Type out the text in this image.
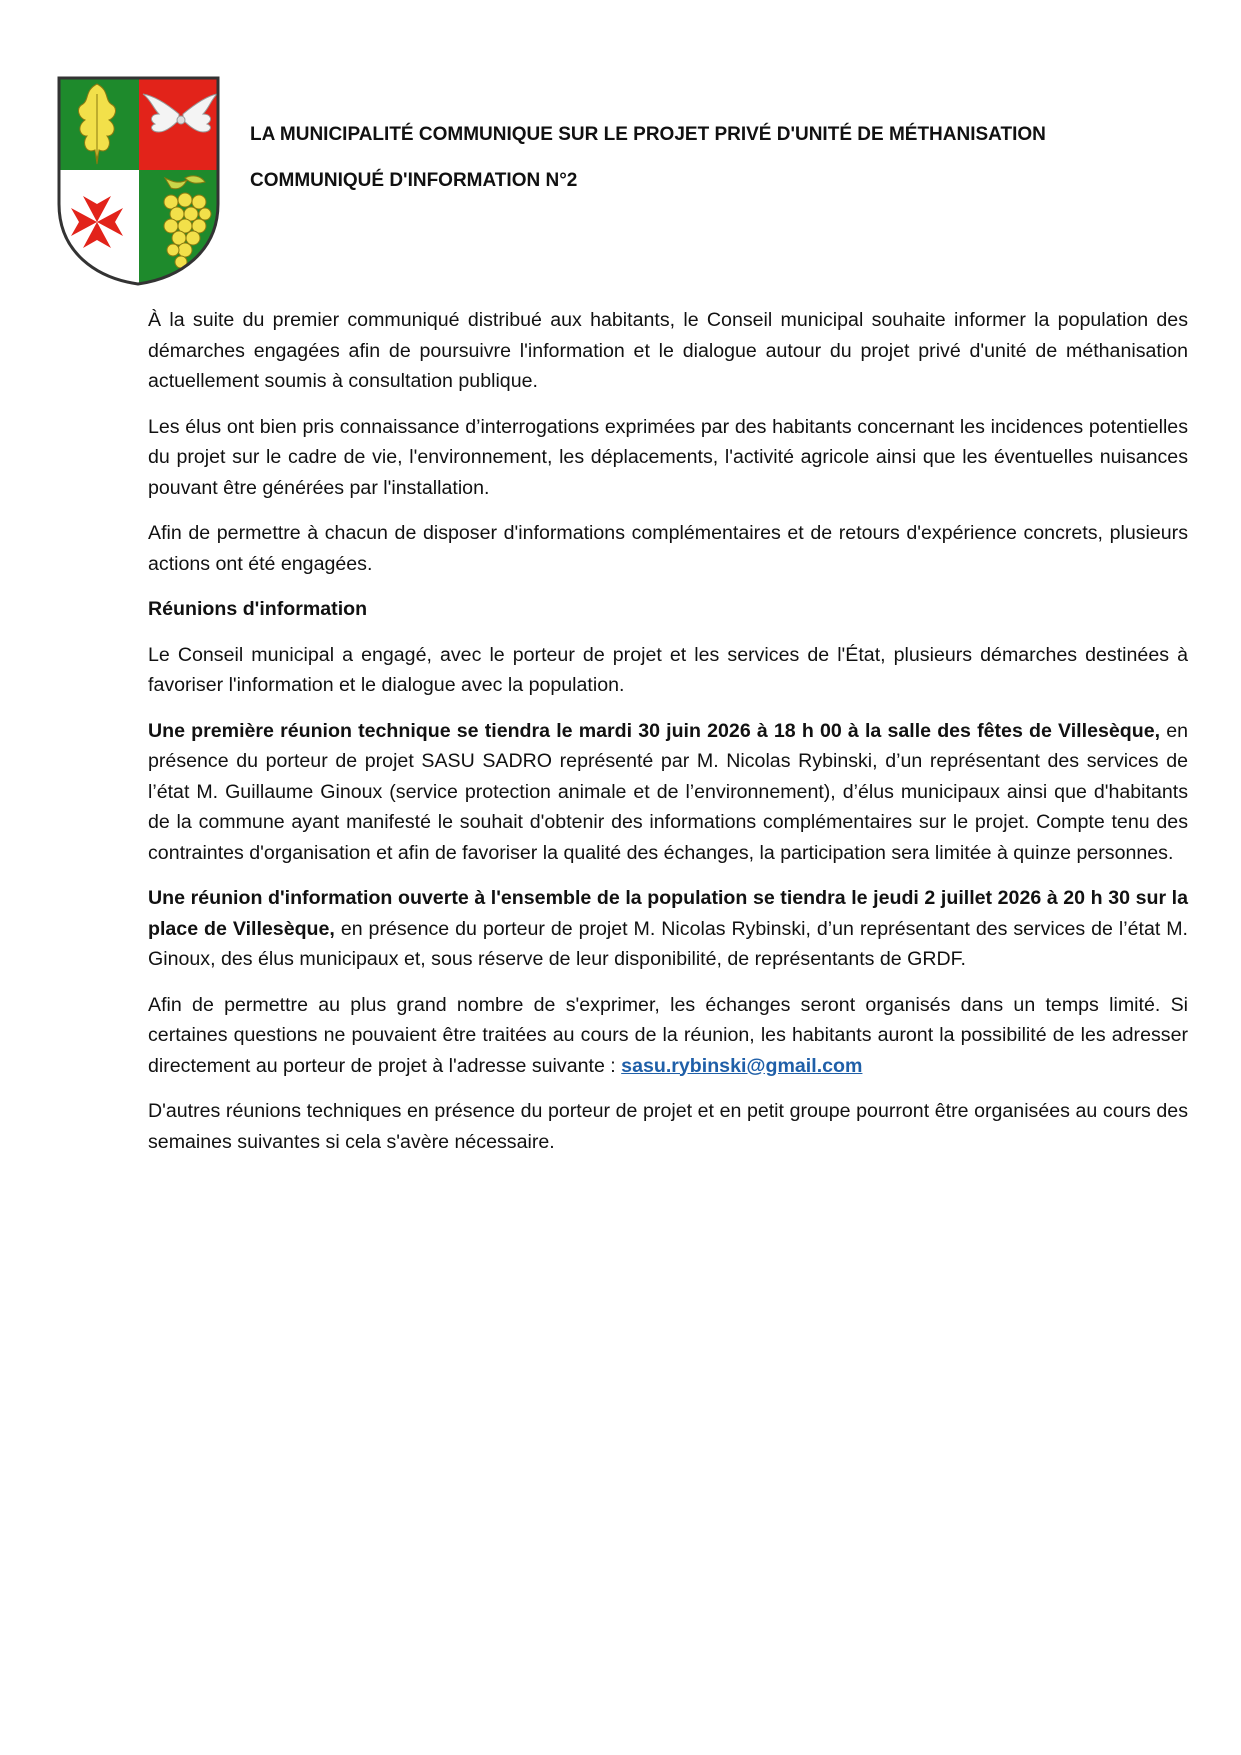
LA MUNICIPALITÉ COMMUNIQUE SUR LE PROJET PRIVÉ D'UNITÉ DE MÉTHANISATION
COMMUNIQUÉ D'INFORMATION N°2

À la suite du premier communiqué distribué aux habitants, le Conseil municipal souhaite informer la population des démarches engagées afin de poursuivre l'information et le dialogue autour du projet privé d'unité de méthanisation actuellement soumis à consultation publique.

Les élus ont bien pris connaissance d’interrogations exprimées par des habitants concernant les incidences potentielles du projet sur le cadre de vie, l'environnement, les déplacements, l'activité agricole ainsi que les éventuelles nuisances pouvant être générées par l'installation.

Afin de permettre à chacun de disposer d'informations complémentaires et de retours d'expérience concrets, plusieurs actions ont été engagées.

Réunions d'information

Le Conseil municipal a engagé, avec le porteur de projet et les services de l'État, plusieurs démarches destinées à favoriser l'information et le dialogue avec la population.

Une première réunion technique se tiendra le mardi 30 juin 2026 à 18 h 00 à la salle des fêtes de Villesèque, en présence du porteur de projet SASU SADRO représenté par M. Nicolas Rybinski, d’un représentant des services de l’état M. Guillaume Ginoux (service protection animale et de l’environnement), d’élus municipaux ainsi que d'habitants de la commune ayant manifesté le souhait d'obtenir des informations complémentaires sur le projet. Compte tenu des contraintes d'organisation et afin de favoriser la qualité des échanges, la participation sera limitée à quinze personnes.

Une réunion d'information ouverte à l'ensemble de la population se tiendra le jeudi 2 juillet 2026 à 20 h 30 sur la place de Villesèque, en présence du porteur de projet M. Nicolas Rybinski, d’un représentant des services de l’état M. Ginoux, des élus municipaux et, sous réserve de leur disponibilité, de représentants de GRDF.

Afin de permettre au plus grand nombre de s'exprimer, les échanges seront organisés dans un temps limité. Si certaines questions ne pouvaient être traitées au cours de la réunion, les habitants auront la possibilité de les adresser directement au porteur de projet à l'adresse suivante : sasu.rybinski@gmail.com

D'autres réunions techniques en présence du porteur de projet et en petit groupe pourront être organisées au cours des semaines suivantes si cela s'avère nécessaire.
